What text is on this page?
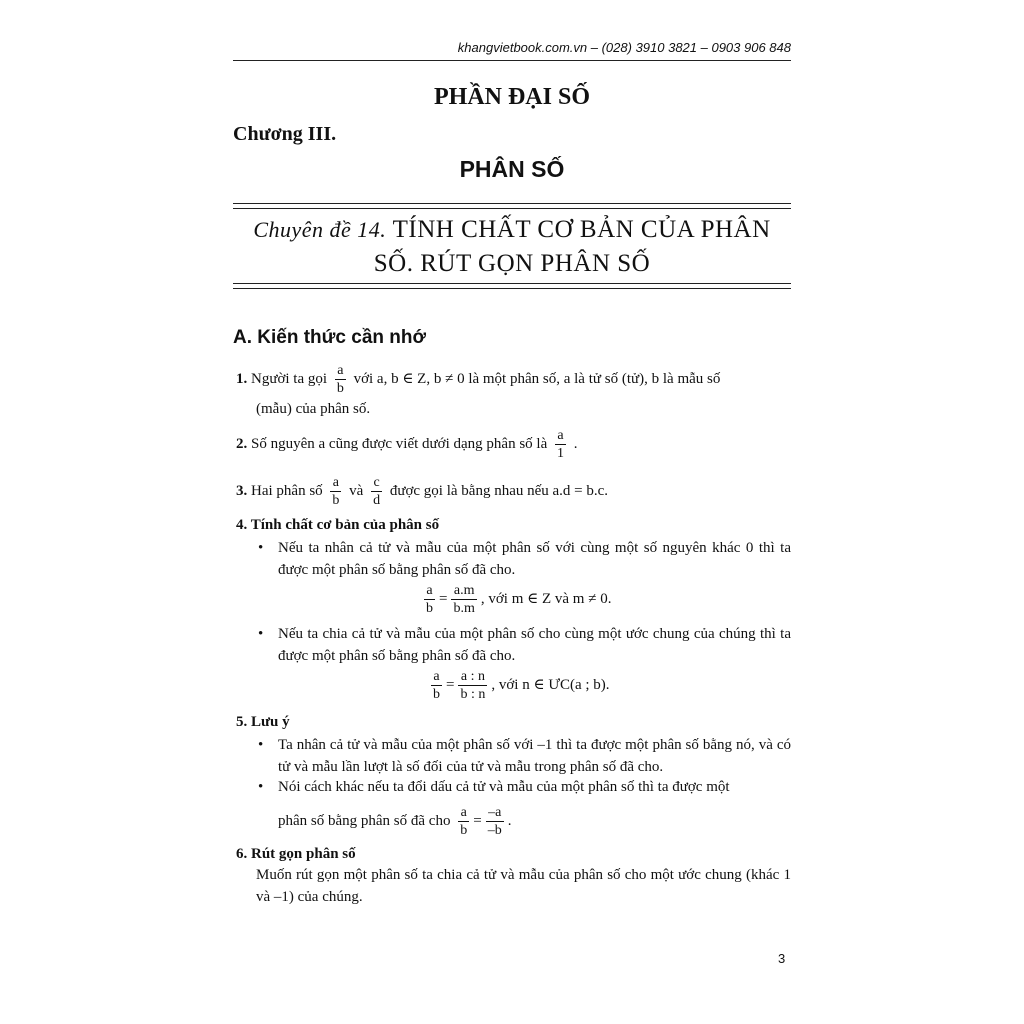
khangvietbook.com.vn – (028) 3910 3821 – 0903 906 848
PHẦN ĐẠI SỐ
Chương III.
PHÂN SỐ
Chuyên đề 14. TÍNH CHẤT CƠ BẢN CỦA PHÂN
SỐ. RÚT GỌN PHÂN SỐ
A. Kiến thức cần nhớ
1. Người ta gọi $\frac{a}{b}$ với a, b ∈ Z, b ≠ 0 là một phân số, a là tử số (tử), b là mẫu số
(mẫu) của phân số.
2. Số nguyên a cũng được viết dưới dạng phân số là $\frac{a}{1}$ .
3. Hai phân số $\frac{a}{b}$ và $\frac{c}{d}$ được gọi là bằng nhau nếu a.d = b.c.
4. Tính chất cơ bản của phân số
• Nếu ta nhân cả tử và mẫu của một phân số với cùng một số nguyên khác 0 thì ta được một phân số bằng phân số đã cho.
$\frac{a}{b} = \frac{a.m}{b.m}$ , với m ∈ Z và m ≠ 0.
• Nếu ta chia cả tử và mẫu của một phân số cho cùng một ước chung của chúng thì ta được một phân số bằng phân số đã cho.
$\frac{a}{b} = \frac{a : n}{b : n}$ , với n ∈ ƯC(a ; b).
5. Lưu ý
• Ta nhân cả tử và mẫu của một phân số với –1 thì ta được một phân số bằng nó, và có tử và mẫu lần lượt là số đối của tử và mẫu trong phân số đã cho.
• Nói cách khác nếu ta đổi dấu cả tử và mẫu của một phân số thì ta được một
phân số bằng phân số đã cho $\frac{a}{b} = \frac{-a}{-b}$ .
6. Rút gọn phân số
Muốn rút gọn một phân số ta chia cả tử và mẫu của phân số cho một ước chung (khác 1 và –1) của chúng.
3
